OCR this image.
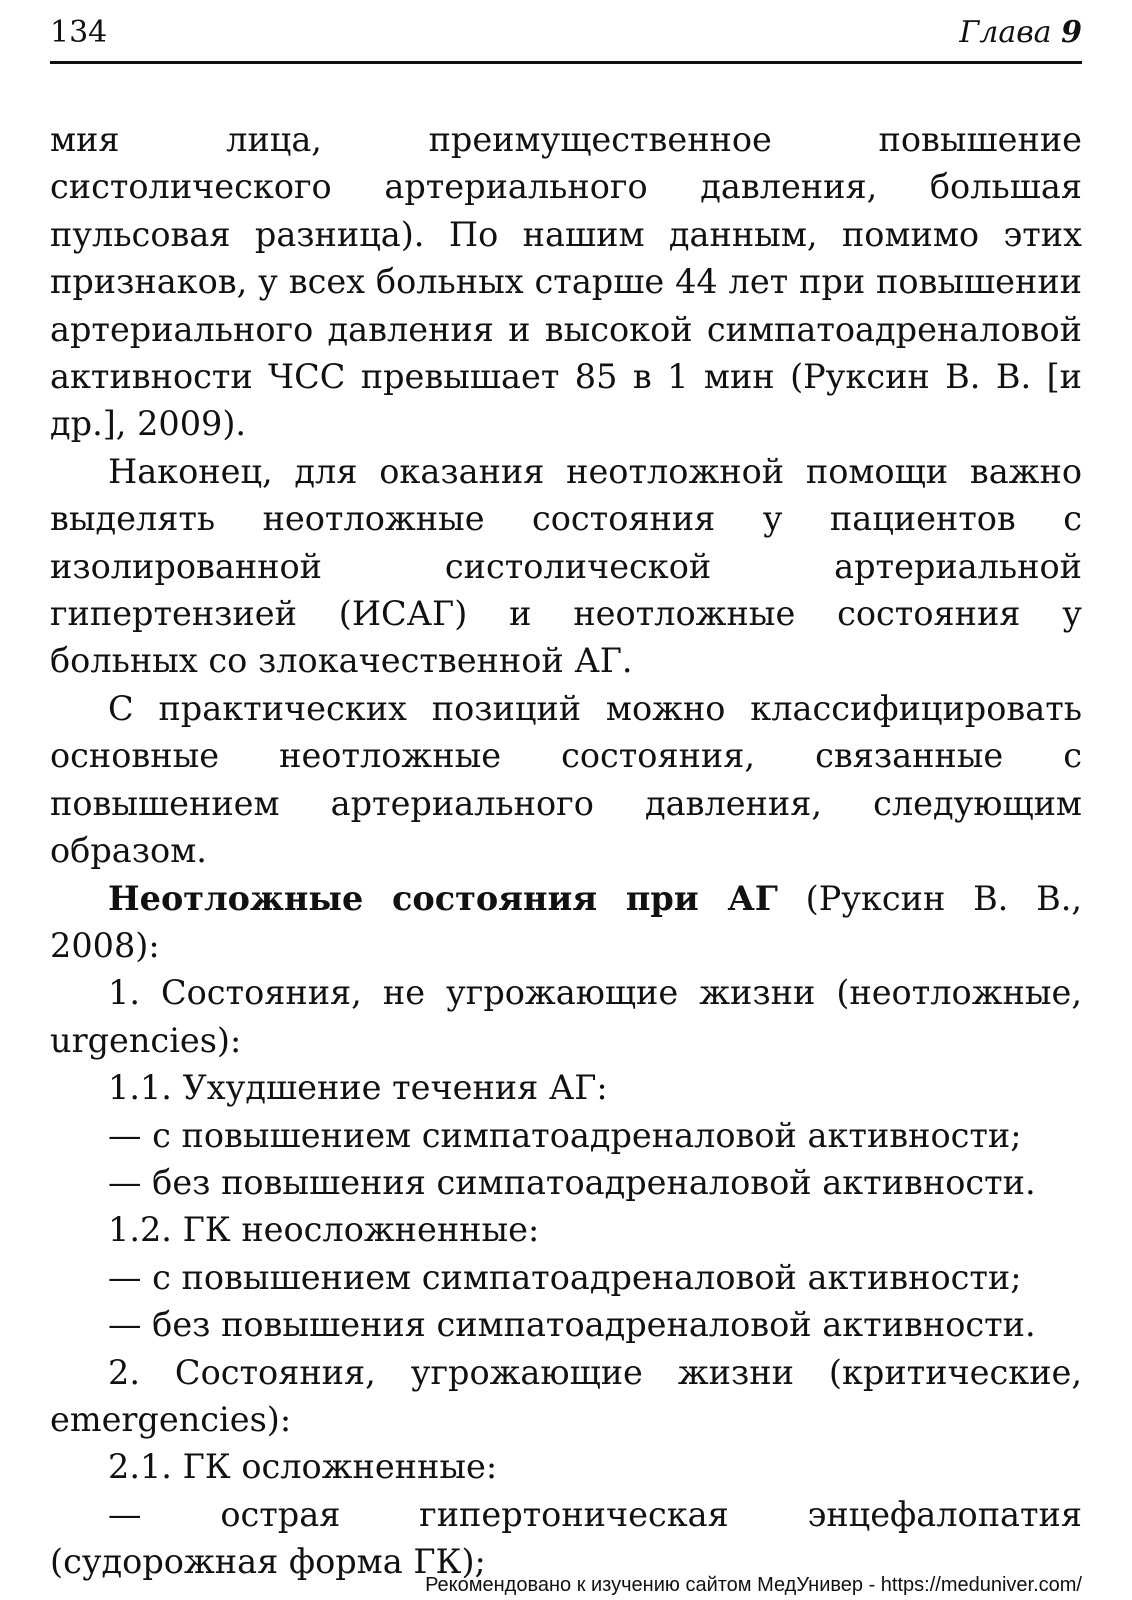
134	Глава 9

мия лица, преимущественное повышение систолического артериального давления, большая пульсовая разница). По нашим данным, помимо этих признаков, у всех больных старше 44 лет при повышении артериального давления и высокой симпатоадреналовой активности ЧСС превышает 85 в 1 мин (Руксин В. В. [и др.], 2009).

Наконец, для оказания неотложной помощи важно выделять неотложные состояния у пациентов с изолированной систолической артериальной гипертензией (ИСАГ) и неотложные состояния у больных со злокачественной АГ.

С практических позиций можно классифицировать основные неотложные состояния, связанные с повышением артериального давления, следующим образом.

Неотложные состояния при АГ (Руксин В. В., 2008):

1. Состояния, не угрожающие жизни (неотложные, urgencies):

1.1. Ухудшение течения АГ:

— с повышением симпатоадреналовой активности;

— без повышения симпатоадреналовой активности.

1.2. ГК неосложненные:

— с повышением симпатоадреналовой активности;

— без повышения симпатоадреналовой активности.

2. Состояния, угрожающие жизни (критические, emergencies):

2.1. ГК осложненные:

— острая гипертоническая энцефалопатия (судорожная форма ГК);

Рекомендовано к изучению сайтом МедУнивер - https://meduniver.com/
